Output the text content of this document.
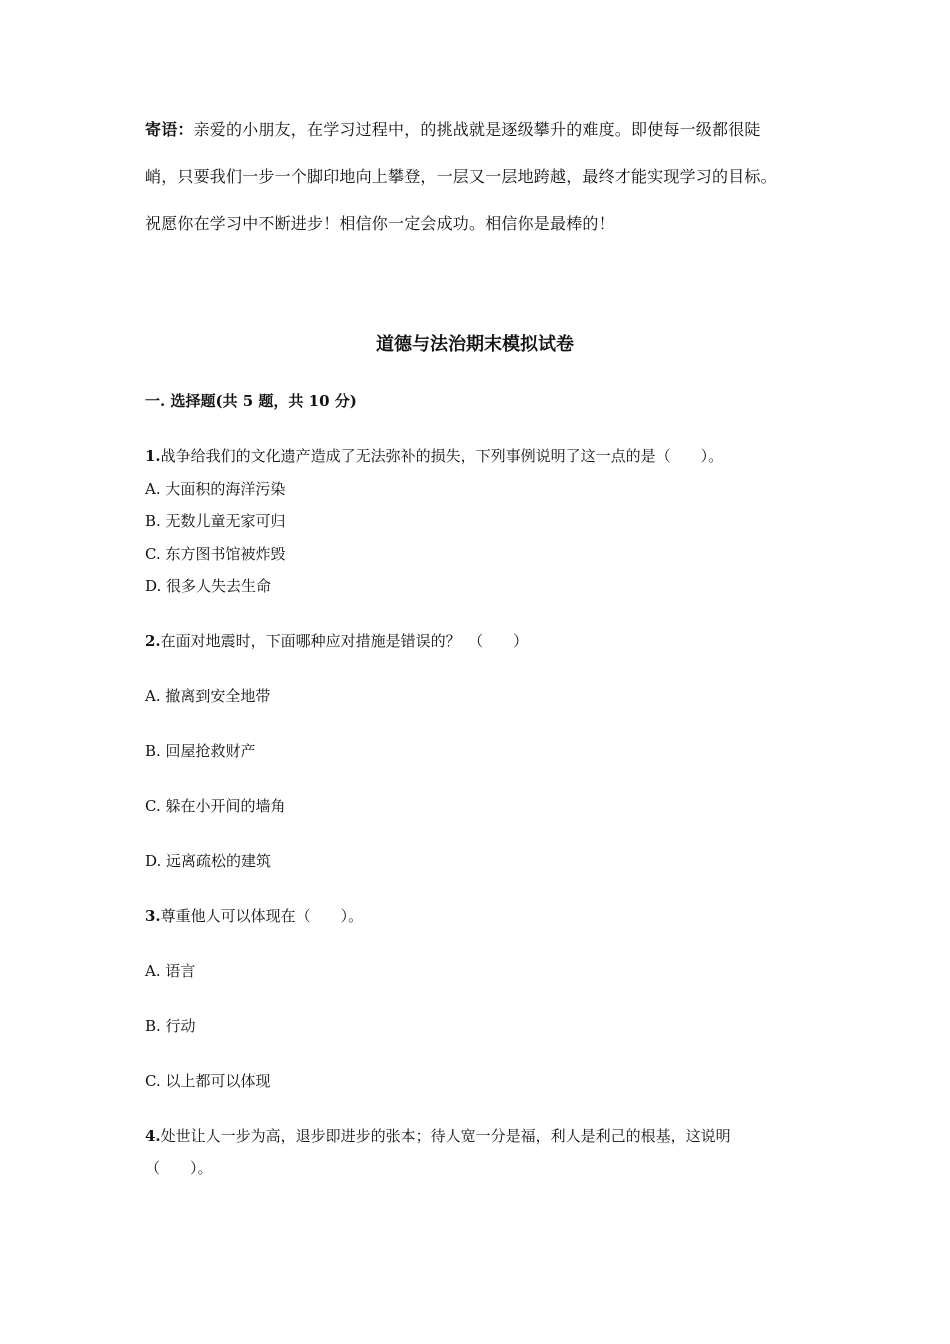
寄语：亲爱的小朋友，在学习过程中，的挑战就是逐级攀升的难度。即使每一级都很陡
峭，只要我们一步一个脚印地向上攀登，一层又一层地跨越，最终才能实现学习的目标。
祝愿你在学习中不断进步！相信你一定会成功。相信你是最棒的！
道德与法治期末模拟试卷
一. 选择题(共 5 题，共 10 分)
1.战争给我们的文化遗产造成了无法弥补的损失，下列事例说明了这一点的是（　　）。
A. 大面积的海洋污染
B. 无数儿童无家可归
C. 东方图书馆被炸毁
D. 很多人失去生命
2.在面对地震时，下面哪种应对措施是错误的？　（　　）
A. 撤离到安全地带
B. 回屋抢救财产
C. 躲在小开间的墙角
D. 远离疏松的建筑
3.尊重他人可以体现在（　　）。
A. 语言
B. 行动
C. 以上都可以体现
4.处世让人一步为高，退步即进步的张本；待人宽一分是福，利人是利己的根基，这说明
（　　）。
